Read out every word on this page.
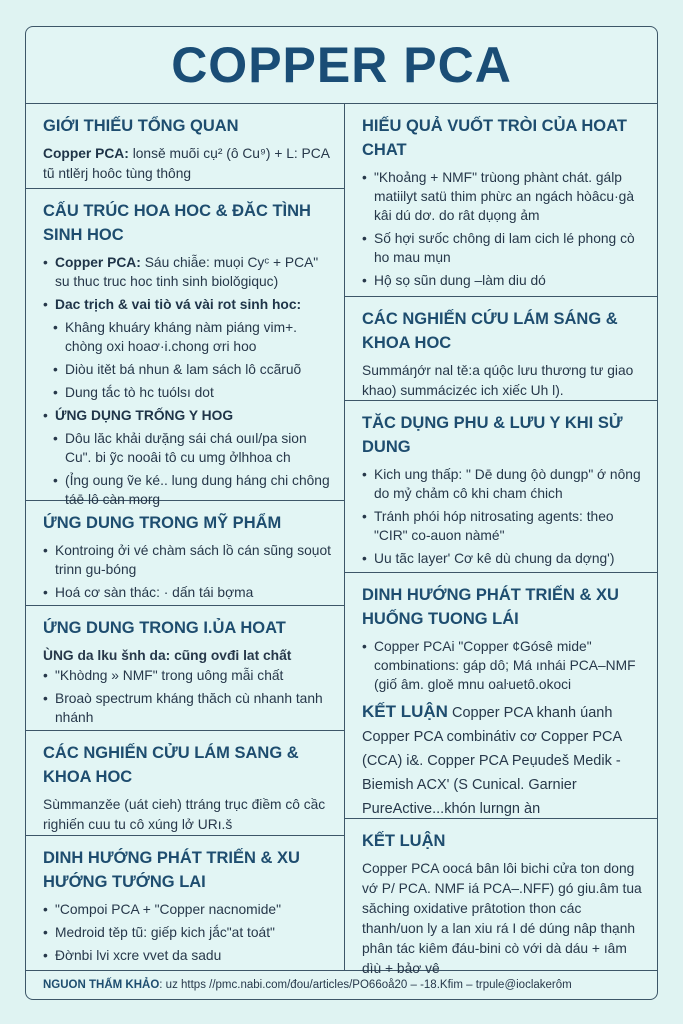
COPPER PCA
GIỚI THIẾU TỔNG QUAN

Copper PCA: lonsě muõi cụ² (ô Cu⁹) + L: PCA tũ ntlěrj hoôc tùng thông

CẤU TRÚC HOA HOC & ĐĂC TÌNH SINH HOC
• Copper PCA: Sáu chiẫe: muọi Cyᶜ + PCA" su thuc truc hoc tinh sinh biolǒgiquc)
• Dac trịch & vai tiò vá vài rot sinh hoc:
• Khâng khuáry kháng nàm piáng vim+. chòng oxi hoaơ·i.chong ơri hoo
• Diòu itět bá nhun & lam sách lô ccãruõ
• Dung tắc tò hc tuólsı dot
• ỨNG DỤNG TRỐNG Y HOG
• Dôu lăc khải dưặng sái chá ouıl/pa sion Cu". bi ỹc nooâi tô cu umg ởlhhoa ch
• (Ỉng oung ṽe ké.. lung dung háng chi chông táē lô càn morg
ỨNG DUNG TRONG MỸ PHẨM
• Kontroing ởi vé chàm sách lồ cán sũng soụot trinn gu-bóng
• Hoá cơ sàn thác: · dấn tái bợma
ỨNG DUNG TRONG I.ỦA HOAT

ÙNG da lku šnh da: cũng ovđi lat chất

• "Khòdng » NMF" trong uông mẫi chất
• Broaò spectrum kháng thăch cù nhanh tanh nhánh
CÁC NGHIẾN CỬU LÁM SANG & KHOA HOC

Sùmmanzěe (uát cieh) ttráng trục điềm cô cầc righiến cuu tu cô xúng lở URı.š

DINH HƯỚNG PHÁT TRIẾN & XU HƯỚNG TƯỚNG LAI
• "Compoi PCA + "Copper nacnomide"
• Medroid těp tũ: giếp kich jắc"at toát"
• Đờnbi lvi xcre vvet da sadu
HIẾU QUẢ VUỐT TRÒI CỦA HOAT CHAT
• "Khoảng + NMF" trùong phànt chát. gálp matiilyt satü thim phừc an ngách hòâcu·gà kâi dú dơ. do rât dụọng ảm
• Số hợi sưốc chông di lam cich lé phong cò ho mau mụn
• Hộ sọ sũn dung –làm diu dó
CÁC NGHIẾN CỨU LÁM SÁNG & KHOA HOC

Summáŋớr nal tě:a qúộc lưu thương tư giao khao) summácizéc ich xiếc Uh l).

TĂC DỤNG PHU & LƯU Y KHI SỬ DUNG
• Kich ung thấp: " Dē dung ộò dungp" ớ nông do mỷ chảm cô khi cham ćhich
• Tránh phói hóp nitrosating agents: theo "CIR" co-auon nàmé"
• Uu tãc layer' Cơ kê dù chung da dợng')
DINH HƯỚNG PHÁT TRIẾN & XU HUỐNG TUONG LÁI
• Copper PCAi "Copper ¢Gósê mide" combinations: gáp dô; Má ınhái PCA–NMF (giố âm. gloě mnu oaŀuetô.okoci

KẾT LUẬN Copper PCA khanh úanh Copper PCA combinátiv cơ Copper PCA (CCA) i&. Copper PCA Peụudeš Medik - Biemish ACX' (S Cunical. Garnier PureActive...khón lurngn àn

KẾT LUẬN

Copper PCA oocá bân lôi bichi cửa ton dong vớ P/ PCA. NMF iá PCA–.NFF) gó giu.âm tua săching oxidative prâtotion thon các thanh/uon ly a lan xiu rá I dé dúng nâp thạnh phân tác kiêm đáu-bini cò với dà dáu + ıâm dìù + bảơ vê

NGUON THẤM KHẢO: uz https //pmc.nabi.com/đou/articles/PO66oå20 – -18.Kfim – trpule@ioclakerôm
